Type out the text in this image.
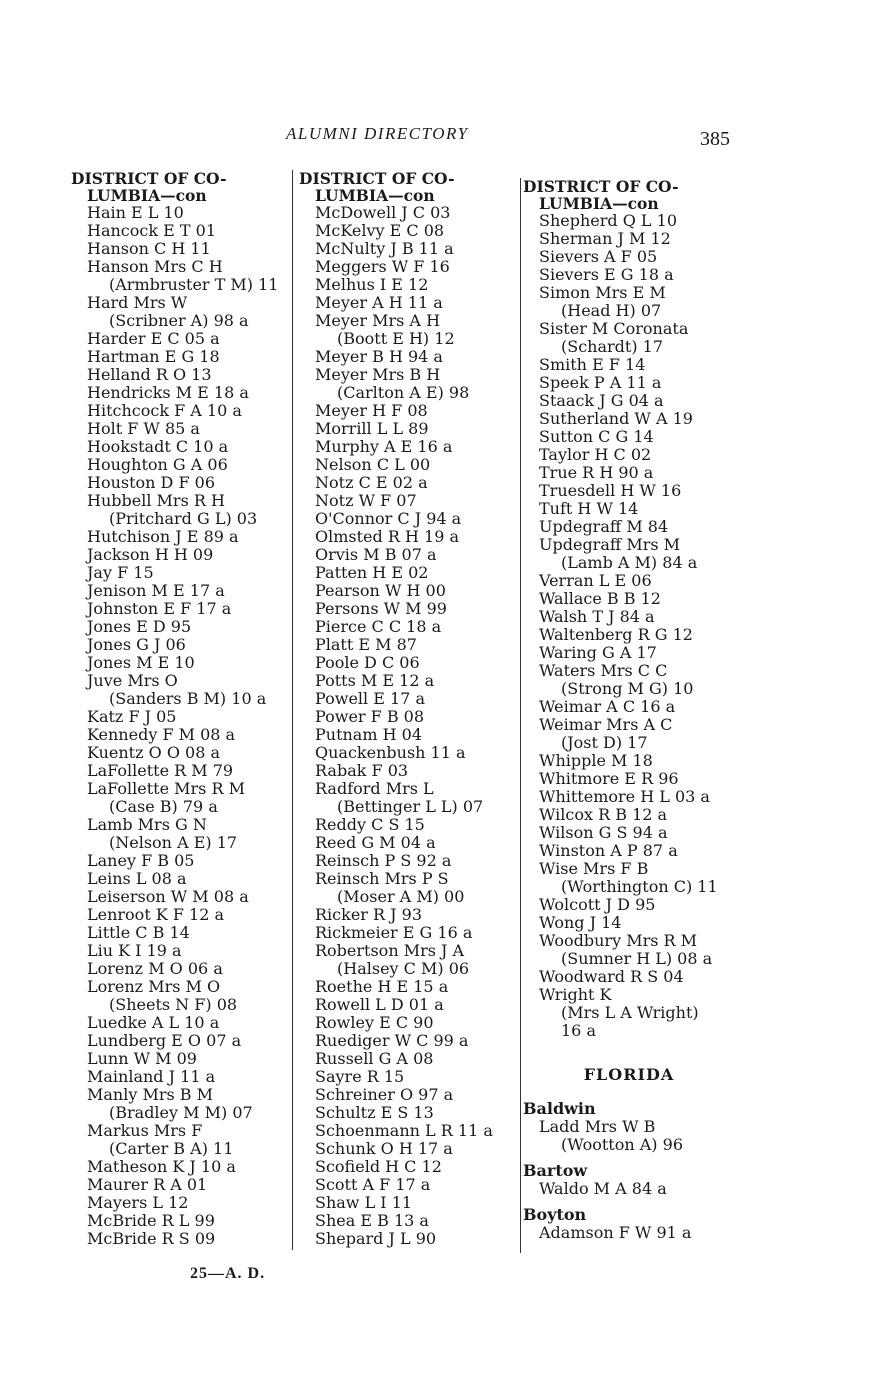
ALUMNI DIRECTORY	385
DISTRICT OF CO-
LUMBIA—con
Hain E L 10
Hancock E T 01
Hanson C H 11
Hanson Mrs C H
(Armbruster T M) 11
Hard Mrs W
(Scribner A) 98 a
Harder E C 05 a
Hartman E G 18
Helland R O 13
Hendricks M E 18 a
Hitchcock F A 10 a
Holt F W 85 a
Hookstadt C 10 a
Houghton G A 06
Houston D F 06
Hubbell Mrs R H
(Pritchard G L) 03
Hutchison J E 89 a
Jackson H H 09
Jay F 15
Jenison M E 17 a
Johnston E F 17 a
Jones E D 95
Jones G J 06
Jones M E 10
Juve Mrs O
(Sanders B M) 10 a
Katz F J 05
Kennedy F M 08 a
Kuentz O O 08 a
LaFollette R M 79
LaFollette Mrs R M
(Case B) 79 a
Lamb Mrs G N
(Nelson A E) 17
Laney F B 05
Leins L 08 a
Leiserson W M 08 a
Lenroot K F 12 a
Little C B 14
Liu K I 19 a
Lorenz M O 06 a
Lorenz Mrs M O
(Sheets N F) 08
Luedke A L 10 a
Lundberg E O 07 a
Lunn W M 09
Mainland J 11 a
Manly Mrs B M
(Bradley M M) 07
Markus Mrs F
(Carter B A) 11
Matheson K J 10 a
Maurer R A 01
Mayers L 12
McBride R L 99
McBride R S 09
DISTRICT OF CO-
LUMBIA—con
McDowell J C 03
McKelvy E C 08
McNulty J B 11 a
Meggers W F 16
Melhus I E 12
Meyer A H 11 a
Meyer Mrs A H
(Boott E H) 12
Meyer B H 94 a
Meyer Mrs B H
(Carlton A E) 98
Meyer H F 08
Morrill L L 89
Murphy A E 16 a
Nelson C L 00
Notz C E 02 a
Notz W F 07
O'Connor C J 94 a
Olmsted R H 19 a
Orvis M B 07 a
Patten H E 02
Pearson W H 00
Persons W M 99
Pierce C C 18 a
Platt E M 87
Poole D C 06
Potts M E 12 a
Powell E 17 a
Power F B 08
Putnam H 04
Quackenbush 11 a
Rabak F 03
Radford Mrs L
(Bettinger L L) 07
Reddy C S 15
Reed G M 04 a
Reinsch P S 92 a
Reinsch Mrs P S
(Moser A M) 00
Ricker R J 93
Rickmeier E G 16 a
Robertson Mrs J A
(Halsey C M) 06
Roethe H E 15 a
Rowell L D 01 a
Rowley E C 90
Ruediger W C 99 a
Russell G A 08
Sayre R 15
Schreiner O 97 a
Schultz E S 13
Schoenmann L R 11 a
Schunk O H 17 a
Scofield H C 12
Scott A F 17 a
Shaw L I 11
Shea E B 13 a
Shepard J L 90
DISTRICT OF CO-
LUMBIA—con
Shepherd Q L 10
Sherman J M 12
Sievers A F 05
Sievers E G 18 a
Simon Mrs E M
(Head H) 07
Sister M Coronata
(Schardt) 17
Smith E F 14
Speek P A 11 a
Staack J G 04 a
Sutherland W A 19
Sutton C G 14
Taylor H C 02
True R H 90 a
Truesdell H W 16
Tuft H W 14
Updegraff M 84
Updegraff Mrs M
(Lamb A M) 84 a
Verran L E 06
Wallace B B 12
Walsh T J 84 a
Waltenberg R G 12
Waring G A 17
Waters Mrs C C
(Strong M G) 10
Weimar A C 16 a
Weimar Mrs A C
(Jost D) 17
Whipple M 18
Whitmore E R 96
Whittemore H L 03 a
Wilcox R B 12 a
Wilson G S 94 a
Winston A P 87 a
Wise Mrs F B
(Worthington C) 11
Wolcott J D 95
Wong J 14
Woodbury Mrs R M
(Sumner H L) 08 a
Woodward R S 04
Wright K
(Mrs L A Wright)
16 a
FLORIDA
Baldwin
Ladd Mrs W B
(Wootton A) 96
Bartow
Waldo M A 84 a
Boyton
Adamson F W 91 a
25—A. D.
